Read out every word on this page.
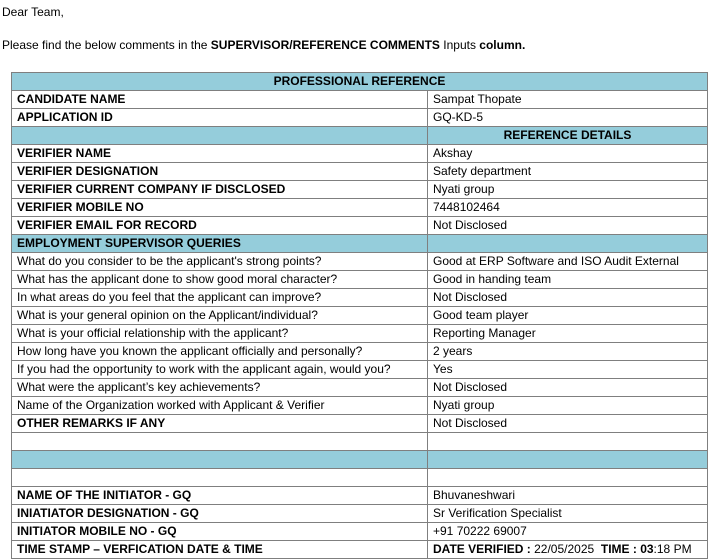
Dear Team,
Please find the below comments in the SUPERVISOR/REFERENCE COMMENTS Inputs column.
PROFESSIONAL REFERENCE	
CANDIDATE NAME	Sampat Thopate
APPLICATION ID	GQ-KD-5
	REFERENCE DETAILS
VERIFIER NAME	Akshay
VERIFIER DESIGNATION	Safety department
VERIFIER CURRENT COMPANY IF DISCLOSED	Nyati group
VERIFIER MOBILE NO	7448102464
VERIFIER EMAIL FOR RECORD	Not Disclosed
EMPLOYMENT SUPERVISOR QUERIES	
What do you consider to be the applicant's strong points?	Good at ERP Software and ISO Audit External
What has the applicant done to show good moral character?	Good in handing team
In what areas do you feel that the applicant can improve?	Not Disclosed
What is your general opinion on the Applicant/individual?	Good team player
What is your official relationship with the applicant?	Reporting Manager
How long have you known the applicant officially and personally?	2 years
If you had the opportunity to work with the applicant again, would you?	Yes
What were the applicant’s key achievements?	Not Disclosed
Name of the Organization worked with Applicant & Verifier	Nyati group
OTHER REMARKS IF ANY	Not Disclosed

NAME OF THE INITIATOR - GQ	Bhuvaneshwari
INIATIATOR DESIGNATION - GQ	Sr Verification Specialist
INITIATOR MOBILE NO - GQ	+91 70222 69007
TIME STAMP – VERFICATION DATE & TIME	DATE VERIFIED : 22/05/2025 TIME : 03:18 PM
